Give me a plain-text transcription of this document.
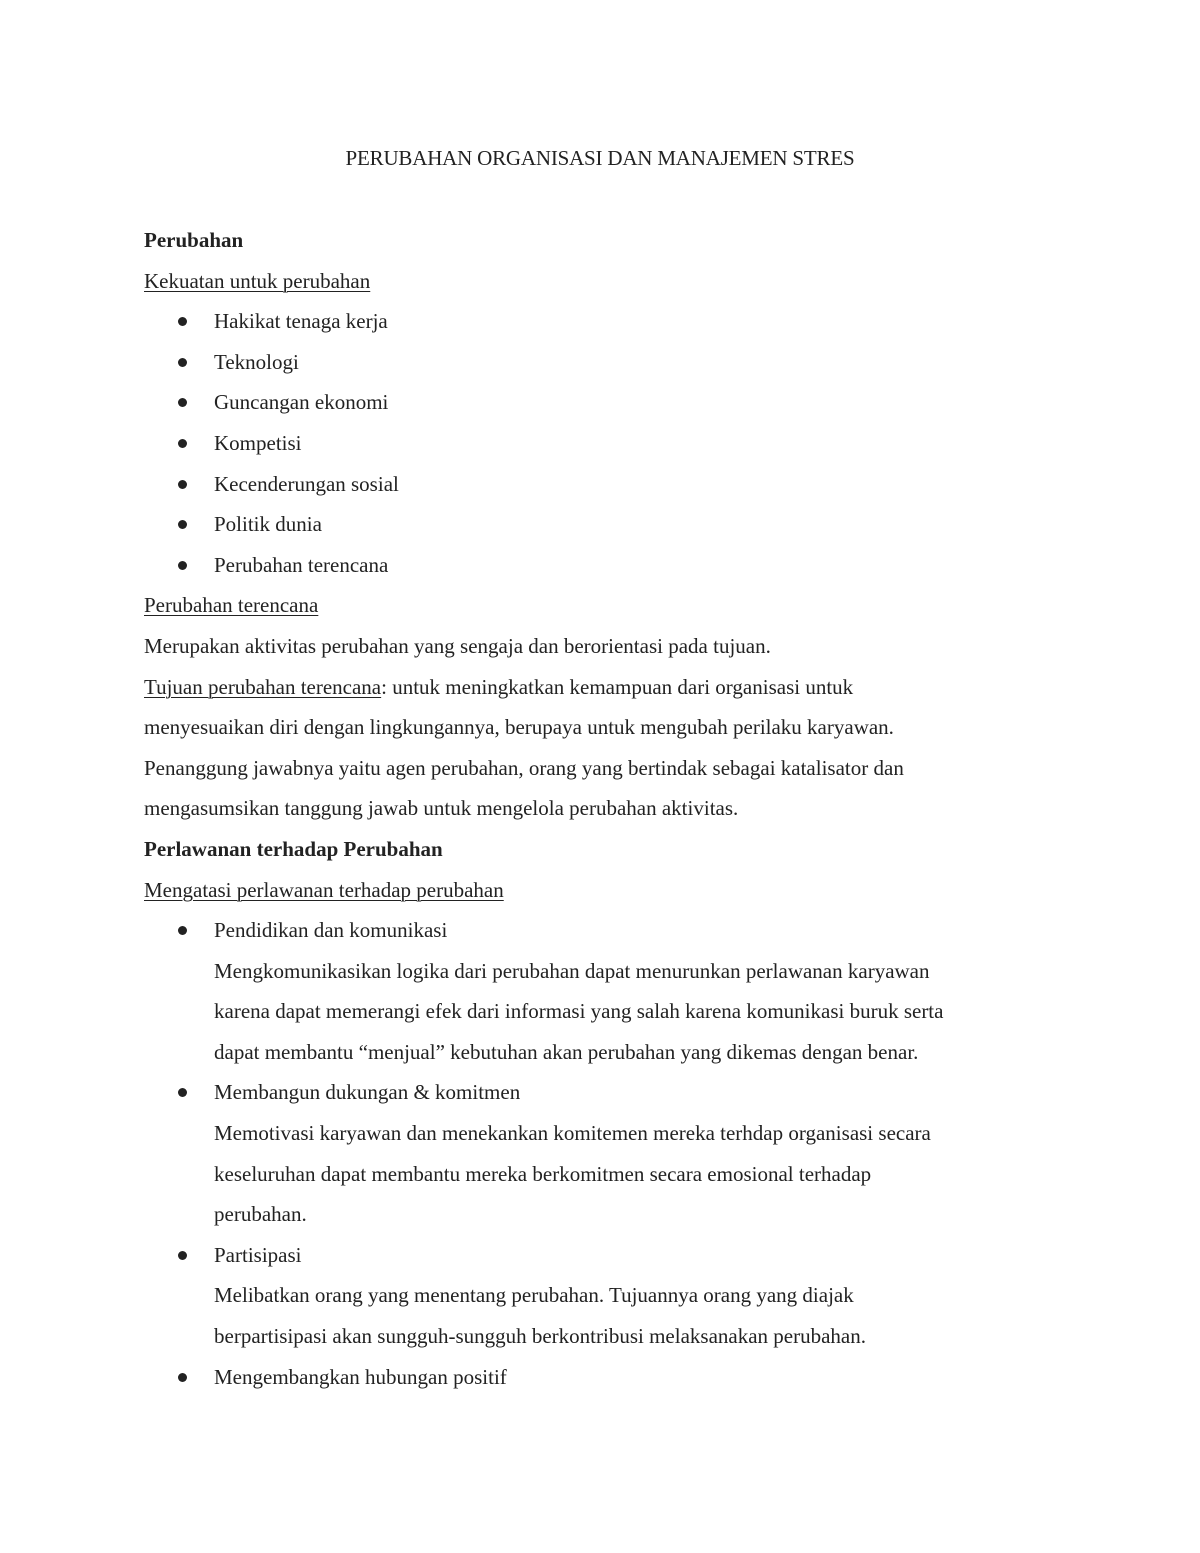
PERUBAHAN ORGANISASI DAN MANAJEMEN STRES
Perubahan
Kekuatan untuk perubahan
Hakikat tenaga kerja
Teknologi
Guncangan ekonomi
Kompetisi
Kecenderungan sosial
Politik dunia
Perubahan terencana
Perubahan terencana
Merupakan aktivitas perubahan yang sengaja dan berorientasi pada tujuan.
Tujuan perubahan terencana: untuk meningkatkan kemampuan dari organisasi untuk
menyesuaikan diri dengan lingkungannya, berupaya untuk mengubah perilaku karyawan.
Penanggung jawabnya yaitu agen perubahan, orang yang bertindak sebagai katalisator dan
mengasumsikan tanggung jawab untuk mengelola perubahan aktivitas.
Perlawanan terhadap Perubahan
Mengatasi perlawanan terhadap perubahan
Pendidikan dan komunikasi
Mengkomunikasikan logika dari perubahan dapat menurunkan perlawanan karyawan
karena dapat memerangi efek dari informasi yang salah karena komunikasi buruk serta
dapat membantu “menjual” kebutuhan akan perubahan yang dikemas dengan benar.
Membangun dukungan & komitmen
Memotivasi karyawan dan menekankan komitemen mereka terhdap organisasi secara
keseluruhan dapat membantu mereka berkomitmen secara emosional terhadap
perubahan.
Partisipasi
Melibatkan orang yang menentang perubahan. Tujuannya orang yang diajak
berpartisipasi akan sungguh-sungguh berkontribusi melaksanakan perubahan.
Mengembangkan hubungan positif
